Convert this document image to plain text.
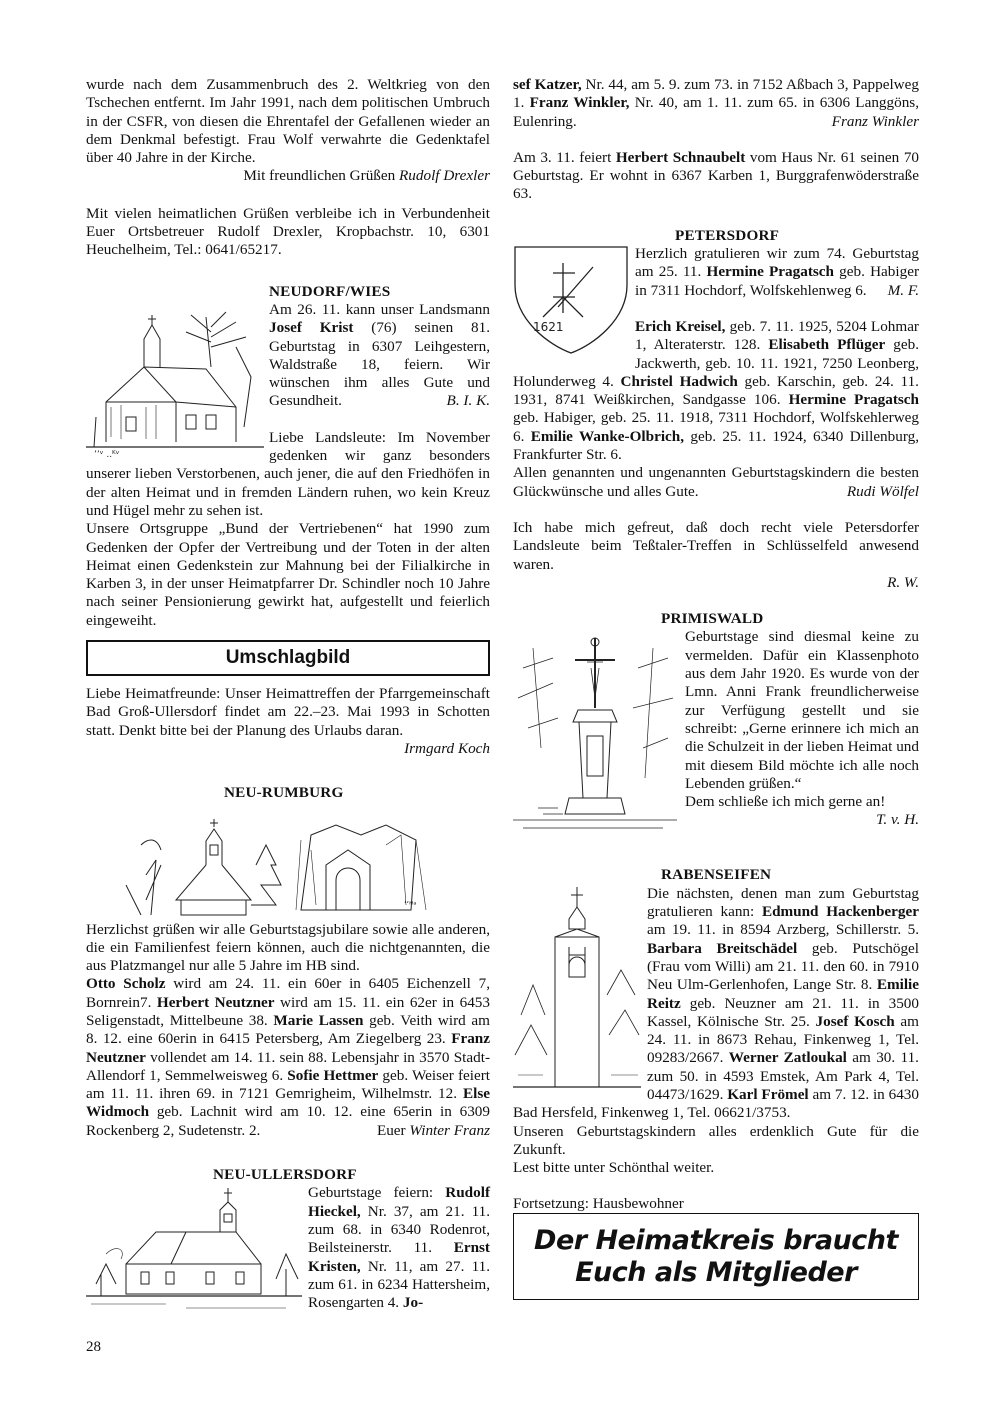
wurde nach dem Zusammenbruch des 2. Weltkrieg von den Tschechen entfernt. Im Jahr 1991, nach dem politischen Umbruch in der CSFR, von diesen die Ehrentafel der Gefallenen wieder an dem Denkmal befestigt. Frau Wolf verwahrte die Gedenktafel über 40 Jahre in der Kirche.

Mit freundlichen Grüßen Rudolf Drexler

Mit vielen heimatlichen Grüßen verbleibe ich in Verbundenheit Euer Ortsbetreuer Rudolf Drexler, Kropbachstr. 10, 6301 Heuchelheim, Tel.: 0641/65217.

ʼʼᵛ ..ᴷᵛ

NEUDORF/WIES

Am 26. 11. kann unser Landsmann Josef Krist (76) seinen 81. Geburtstag in 6307 Leihgestern, Waldstraße 18, feiern. Wir wünschen ihm alles Gute und Gesundheit.	B. I. K.

Liebe Landsleute: Im November gedenken wir ganz besonders unserer lieben Verstorbenen, auch jener, die auf den Friedhöfen in der alten Heimat und in fremden Ländern ruhen, wo kein Kreuz und Hügel mehr zu sehen ist.

Unsere Ortsgruppe „Bund der Vertriebenen“ hat 1990 zum Gedenken der Opfer der Vertreibung und der Toten in der alten Heimat einen Gedenkstein zur Mahnung bei der Filialkirche in Karben 3, in der unser Heimatpfarrer Dr. Schindler noch 10 Jahre nach seiner Pensionierung gewirkt hat, aufgestellt und feierlich eingeweiht.

Umschlagbild

Liebe Heimatfreunde: Unser Heimattreffen der Pfarrgemeinschaft Bad Groß-Ullersdorf findet am 22.–23. Mai 1993 in Schotten statt. Denkt bitte bei der Planung des Urlaubs daran.

Irmgard Koch

NEU-RUMBURG

ʼʼᴹᵃ

Herzlichst grüßen wir alle Geburtstagsjubilare sowie alle anderen, die ein Familienfest feiern können, auch die nichtgenannten, die aus Platzmangel nur alle 5 Jahre im HB sind.

Otto Scholz wird am 24. 11. ein 60er in 6405 Eichenzell 7, Bornrein7. Herbert Neutzner wird am 15. 11. ein 62er in 6453 Seligenstadt, Mittelbeune 38. Marie Lassen geb. Veith wird am 8. 12. eine 60erin in 6415 Petersberg, Am Ziegelberg 23. Franz Neutzner vollendet am 14. 11. sein 88. Lebensjahr in 3570 Stadt-Allendorf 1, Semmelweisweg 6. Sofie Hettmer geb. Weiser feiert am 11. 11. ihren 69. in 7121 Gemrigheim, Wilhelmstr. 12. Else Widmoch geb. Lachnit wird am 10. 12. eine 65erin in 6309 Rockenberg 2, Sudetenstr. 2.	Euer Winter Franz

NEU-ULLERSDORF

Geburtstage feiern: Rudolf Hieckel, Nr. 37, am 21. 11. zum 68. in 6340 Rodenrot, Beilsteinerstr. 11. Ernst Kristen, Nr. 11, am 27. 11. zum 61. in 6234 Hattersheim, Rosengarten 4. Jo-

sef Katzer, Nr. 44, am 5. 9. zum 73. in 7152 Aßbach 3, Pappelweg 1. Franz Winkler, Nr. 40, am 1. 11. zum 65. in 6306 Langgöns, Eulenring.	Franz Winkler

Am 3. 11. feiert Herbert Schnaubelt vom Haus Nr. 61 seinen 70 Geburtstag. Er wohnt in 6367 Karben 1, Burggrafenwöderstraße 63.

PETERSDORF

1621

Herzlich gratulieren wir zum 74. Geburtstag am 25. 11. Hermine Pragatsch geb. Habiger in 7311 Hochdorf, Wolfskehlenweg 6. M. F.

Erich Kreisel, geb. 7. 11. 1925, 5204 Lohmar 1, Alteraterstr. 128. Elisabeth Pflüger geb. Jackwerth, geb. 10. 11. 1921, 7250 Leonberg, Holunderweg 4. Christel Hadwich geb. Karschin, geb. 24. 11. 1931, 8741 Weißkirchen, Sandgasse 106. Hermine Pragatsch geb. Habiger, geb. 25. 11. 1918, 7311 Hochdorf, Wolfskehlerweg 6. Emilie Wanke-Olbrich, geb. 25. 11. 1924, 6340 Dillenburg, Frankfurter Str. 6.

Allen genannten und ungenannten Geburtstagskindern die besten Glückwünsche und alles Gute.	Rudi Wölfel

Ich habe mich gefreut, daß doch recht viele Petersdorfer Landsleute beim Teßtaler-Treffen in Schlüsselfeld anwesend waren.

R. W.

PRIMISWALD

Geburtstage sind diesmal keine zu vermelden. Dafür ein Klassenphoto aus dem Jahr 1920. Es wurde von der Lmn. Anni Frank freundlicherweise zur Verfügung gestellt und sie schreibt: „Gerne erinnere ich mich an die Schulzeit in der lieben Heimat und mit diesem Bild möchte ich alle noch Lebenden grüßen.“

Dem schließe ich mich gerne an!

T. v. H.

RABENSEIFEN

Die nächsten, denen man zum Geburtstag gratulieren kann: Edmund Hackenberger am 19. 11. in 8594 Arzberg, Schillerstr. 5. Barbara Breitschädel geb. Putschögel (Frau vom Willi) am 21. 11. den 60. in 7910 Neu Ulm-Gerlenhofen, Lange Str. 8. Emilie Reitz geb. Neuzner am 21. 11. in 3500 Kassel, Kölnische Str. 25. Josef Kosch am 24. 11. in 8673 Rehau, Finkenweg 1, Tel. 09283/2667. Werner Zatloukal am 30. 11. zum 50. in 4593 Emstek, Am Park 4, Tel. 04473/1629. Karl Frömel am 7. 12. in 6430 Bad Hersfeld, Finkenweg 1, Tel. 06621/3753.

Unseren Geburtstagskindern alles erdenklich Gute für die Zukunft.

Lest bitte unter Schönthal weiter.

Fortsetzung: Hausbewohner

Der Heimatkreis braucht
Euch als Mitglieder
28
